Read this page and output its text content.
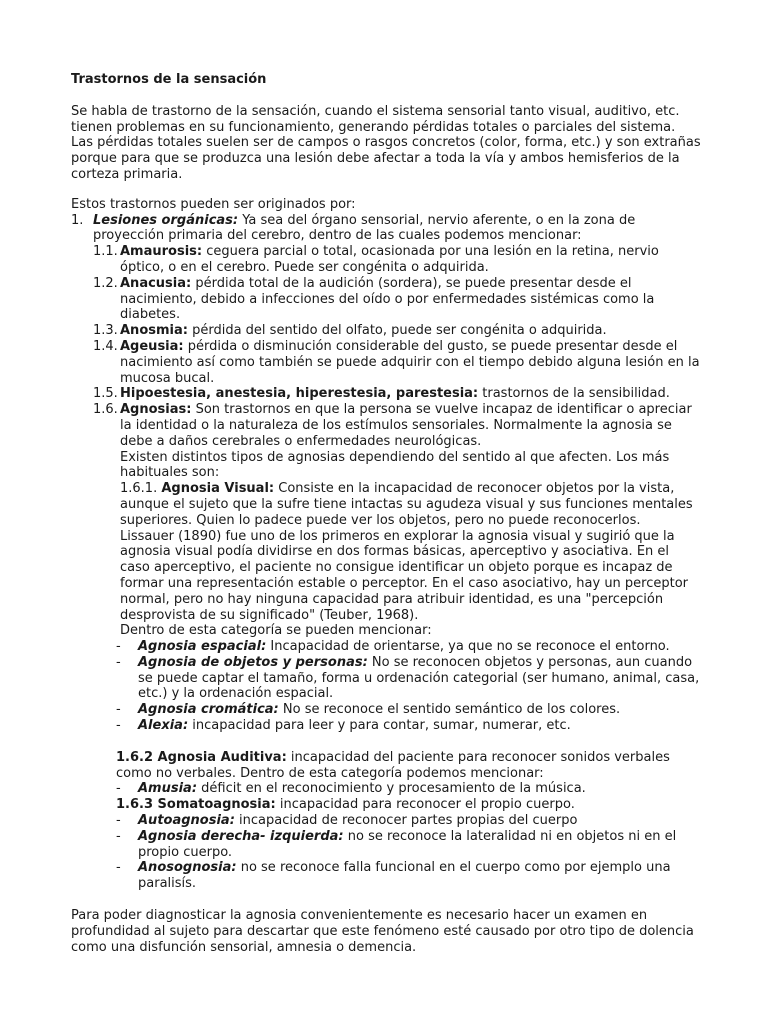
Trastornos de la sensación

Se habla de trastorno de la sensación, cuando el sistema sensorial tanto visual, auditivo, etc. tienen problemas en su funcionamiento, generando pérdidas totales o parciales del sistema. Las pérdidas totales suelen ser de campos o rasgos concretos (color, forma, etc.) y son extrañas porque para que se produzca una lesión debe afectar a toda la vía y ambos hemisferios de la corteza primaria.

Estos trastornos pueden ser originados por:

1. Lesiones orgánicas: Ya sea del órgano sensorial, nervio aferente, o en la zona de proyección primaria del cerebro, dentro de las cuales podemos mencionar:

1.1. Amaurosis: ceguera parcial o total, ocasionada por una lesión en la retina, nervio óptico, o en el cerebro. Puede ser congénita o adquirida.

1.2. Anacusia: pérdida total de la audición (sordera), se puede presentar desde el nacimiento, debido a infecciones del oído o por enfermedades sistémicas como la diabetes.

1.3. Anosmia: pérdida del sentido del olfato, puede ser congénita o adquirida.

1.4. Ageusia: pérdida o disminución considerable del gusto, se puede presentar desde el nacimiento así como también se puede adquirir con el tiempo debido alguna lesión en la mucosa bucal.

1.5. Hipoestesia, anestesia, hiperestesia, parestesia: trastornos de la sensibilidad.

1.6. Agnosias: Son trastornos en que la persona se vuelve incapaz de identificar o apreciar la identidad o la naturaleza de los estímulos sensoriales. Normalmente la agnosia se debe a daños cerebrales o enfermedades neurológicas.

Existen distintos tipos de agnosias dependiendo del sentido al que afecten. Los más habituales son:

1.6.1. Agnosia Visual: Consiste en la incapacidad de reconocer objetos por la vista, aunque el sujeto que la sufre tiene intactas su agudeza visual y sus funciones mentales superiores. Quien lo padece puede ver los objetos, pero no puede reconocerlos.

Lissauer (1890) fue uno de los primeros en explorar la agnosia visual y sugirió que la agnosia visual podía dividirse en dos formas básicas, aperceptivo y asociativa. En el caso aperceptivo, el paciente no consigue identificar un objeto porque es incapaz de formar una representación estable o perceptor. En el caso asociativo, hay un perceptor normal, pero no hay ninguna capacidad para atribuir identidad, es una "percepción desprovista de su significado" (Teuber, 1968).

Dentro de esta categoría se pueden mencionar:

- Agnosia espacial: Incapacidad de orientarse, ya que no se reconoce el entorno.

- Agnosia de objetos y personas: No se reconocen objetos y personas, aun cuando se puede captar el tamaño, forma u ordenación categorial (ser humano, animal, casa, etc.) y la ordenación espacial.

- Agnosia cromática: No se reconoce el sentido semántico de los colores.

- Alexia: incapacidad para leer y para contar, sumar, numerar, etc.

1.6.2 Agnosia Auditiva: incapacidad del paciente para reconocer sonidos verbales como no verbales. Dentro de esta categoría podemos mencionar:

- Amusia: déficit en el reconocimiento y procesamiento de la música.

1.6.3 Somatoagnosia: incapacidad para reconocer el propio cuerpo.

- Autoagnosia: incapacidad de reconocer partes propias del cuerpo

- Agnosia derecha- izquierda: no se reconoce la lateralidad ni en objetos ni en el propio cuerpo.

- Anosognosia: no se reconoce falla funcional en el cuerpo como por ejemplo una paralisís.

Para poder diagnosticar la agnosia convenientemente es necesario hacer un examen en profundidad al sujeto para descartar que este fenómeno esté causado por otro tipo de dolencia como una disfunción sensorial, amnesia o demencia.
